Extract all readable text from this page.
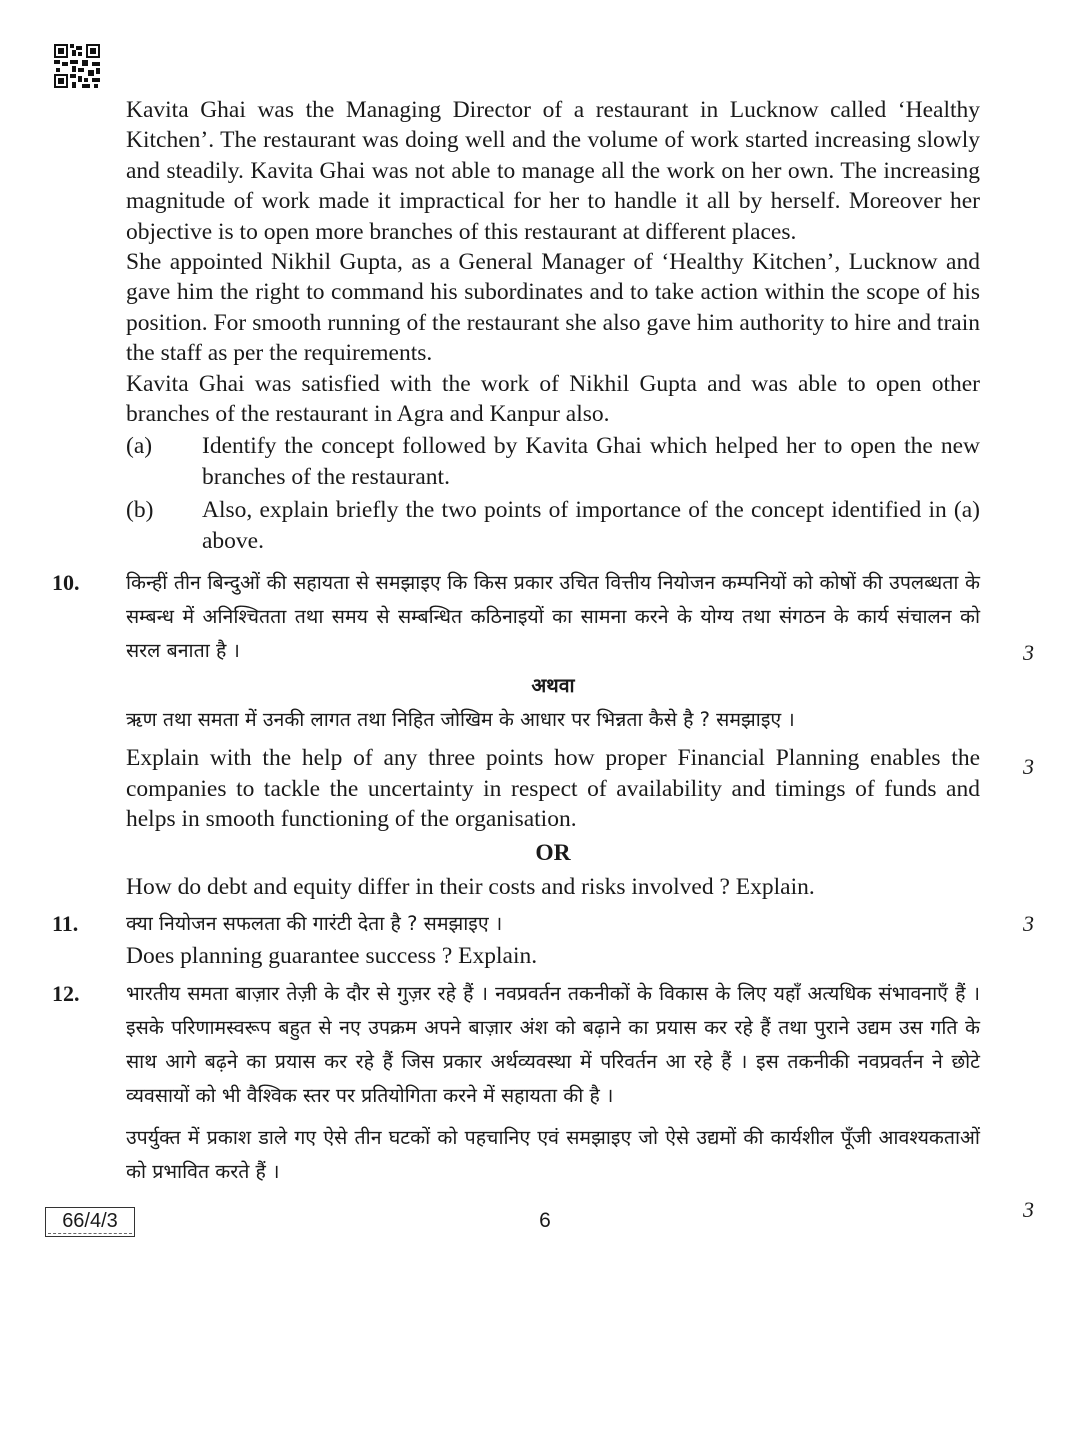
Kavita Ghai was the Managing Director of a restaurant in Lucknow called ‘Healthy Kitchen’. The restaurant was doing well and the volume of work started increasing slowly and steadily. Kavita Ghai was not able to manage all the work on her own. The increasing magnitude of work made it impractical for her to handle it all by herself. Moreover her objective is to open more branches of this restaurant at different places.
She appointed Nikhil Gupta, as a General Manager of ‘Healthy Kitchen’, Lucknow and gave him the right to command his subordinates and to take action within the scope of his position. For smooth running of the restaurant she also gave him authority to hire and train the staff as per the requirements.
Kavita Ghai was satisfied with the work of Nikhil Gupta and was able to open other branches of the restaurant in Agra and Kanpur also.
(a)	Identify the concept followed by Kavita Ghai which helped her to open the new branches of the restaurant.
(b)	Also, explain briefly the two points of importance of the concept identified in (a) above.
10. किन्हीं तीन बिन्दुओं की सहायता से समझाइए कि किस प्रकार उचित वित्तीय नियोजन कम्पनियों को कोषों की उपलब्धता के सम्बन्ध में अनिश्चितता तथा समय से सम्बन्धित कठिनाइयों का सामना करने के योग्य तथा संगठन के कार्य संचालन को सरल बनाता है ।	3
अथवा
ऋण तथा समता में उनकी लागत तथा निहित जोखिम के आधार पर भिन्नता कैसे है ? समझाइए ।
3
Explain with the help of any three points how proper Financial Planning enables the companies to tackle the uncertainty in respect of availability and timings of funds and helps in smooth functioning of the organisation.
OR
How do debt and equity differ in their costs and risks involved ? Explain.
11. क्या नियोजन सफलता की गारंटी देता है ? समझाइए ।	3
Does planning guarantee success ? Explain.
12. भारतीय समता बाज़ार तेज़ी के दौर से गुज़र रहे हैं । नवप्रवर्तन तकनीकों के विकास के लिए यहाँ अत्यधिक संभावनाएँ हैं । इसके परिणामस्वरूप बहुत से नए उपक्रम अपने बाज़ार अंश को बढ़ाने का प्रयास कर रहे हैं तथा पुराने उद्यम उस गति के साथ आगे बढ़ने का प्रयास कर रहे हैं जिस प्रकार अर्थव्यवस्था में परिवर्तन आ रहे हैं । इस तकनीकी नवप्रवर्तन ने छोटे व्यवसायों को भी वैश्विक स्तर पर प्रतियोगिता करने में सहायता की है ।
उपर्युक्त में प्रकाश डाले गए ऐसे तीन घटकों को पहचानिए एवं समझाइए जो ऐसे उद्यमों की कार्यशील पूँजी आवश्यकताओं को प्रभावित करते हैं ।
3
66/4/3	6
